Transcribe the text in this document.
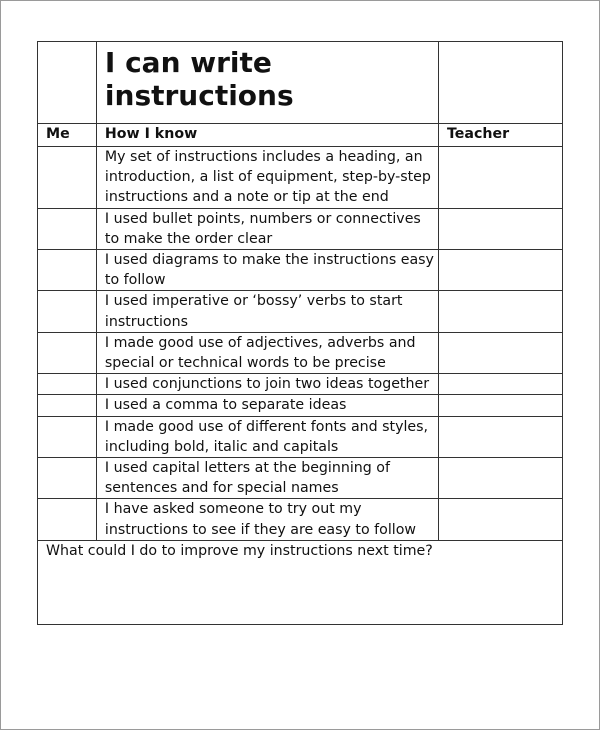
	I can write instructions	

Me	How I know	Teacher
	My set of instructions includes a heading, an introduction, a list of equipment, step-by-step instructions and a note or tip at the end	
	I used bullet points, numbers or connectives to make the order clear	
	I used diagrams to make the instructions easy to follow	
	I used imperative or ‘bossy’ verbs to start instructions	
	I made good use of adjectives, adverbs and special or technical words to be precise	
	I used conjunctions to join two ideas together	
	I used a comma to separate ideas	
	I made good use of different fonts and styles, including bold, italic and capitals	
	I used capital letters at the beginning of sentences and for special names	
	I have asked someone to try out my instructions to see if they are easy to follow	
What could I do to improve my instructions next time?		
